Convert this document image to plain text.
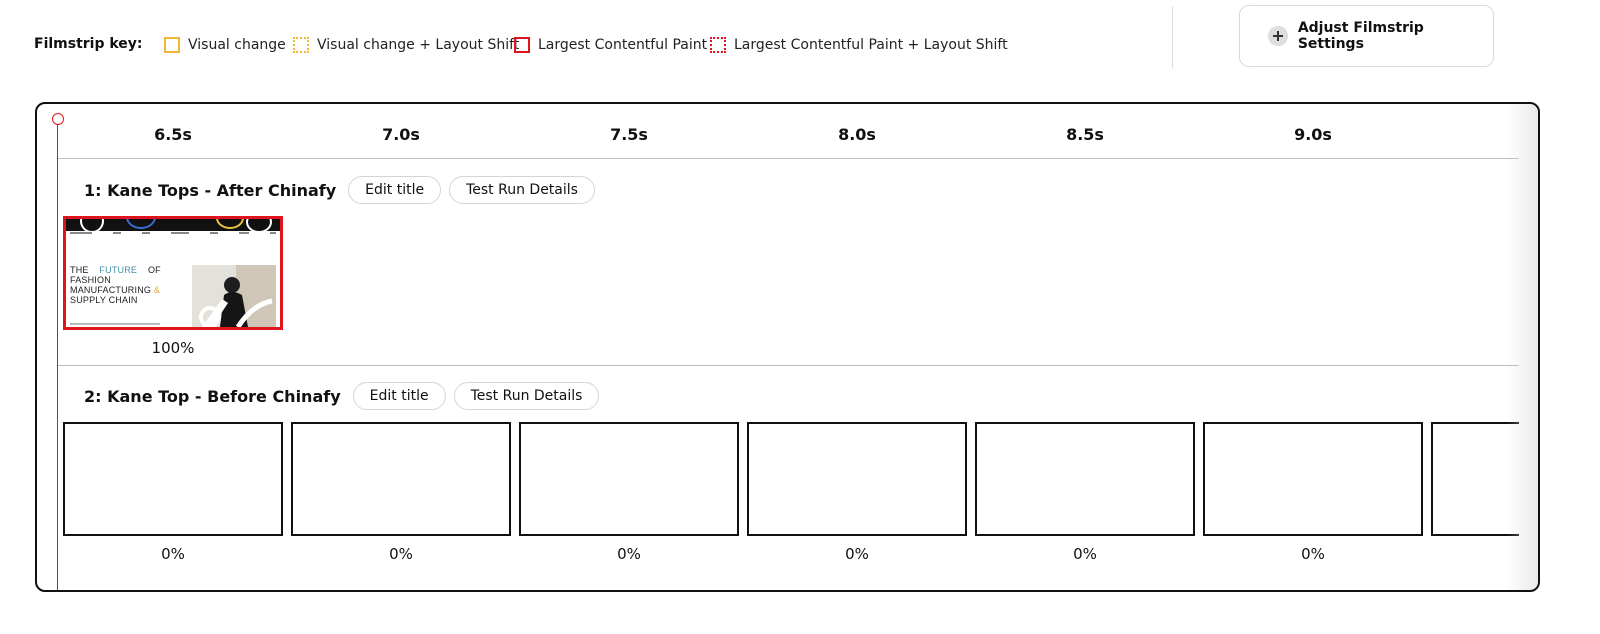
Filmstrip key:	Visual change Visual change + Layout Shift Largest Contentful Paint Largest Contentful Paint + Layout Shift
Adjust Filmstrip Settings
6.5s	7.0s	7.5s	8.0s	8.5s	9.0s
1: Kane Tops - After Chinafy	Edit title	Test Run Details
THE FUTURE OF
FASHION
MANUFACTURING &
SUPPLY CHAIN
100%
2: Kane Top - Before Chinafy	Edit title	Test Run Details
0%	0%	0%	0%	0%	0%
